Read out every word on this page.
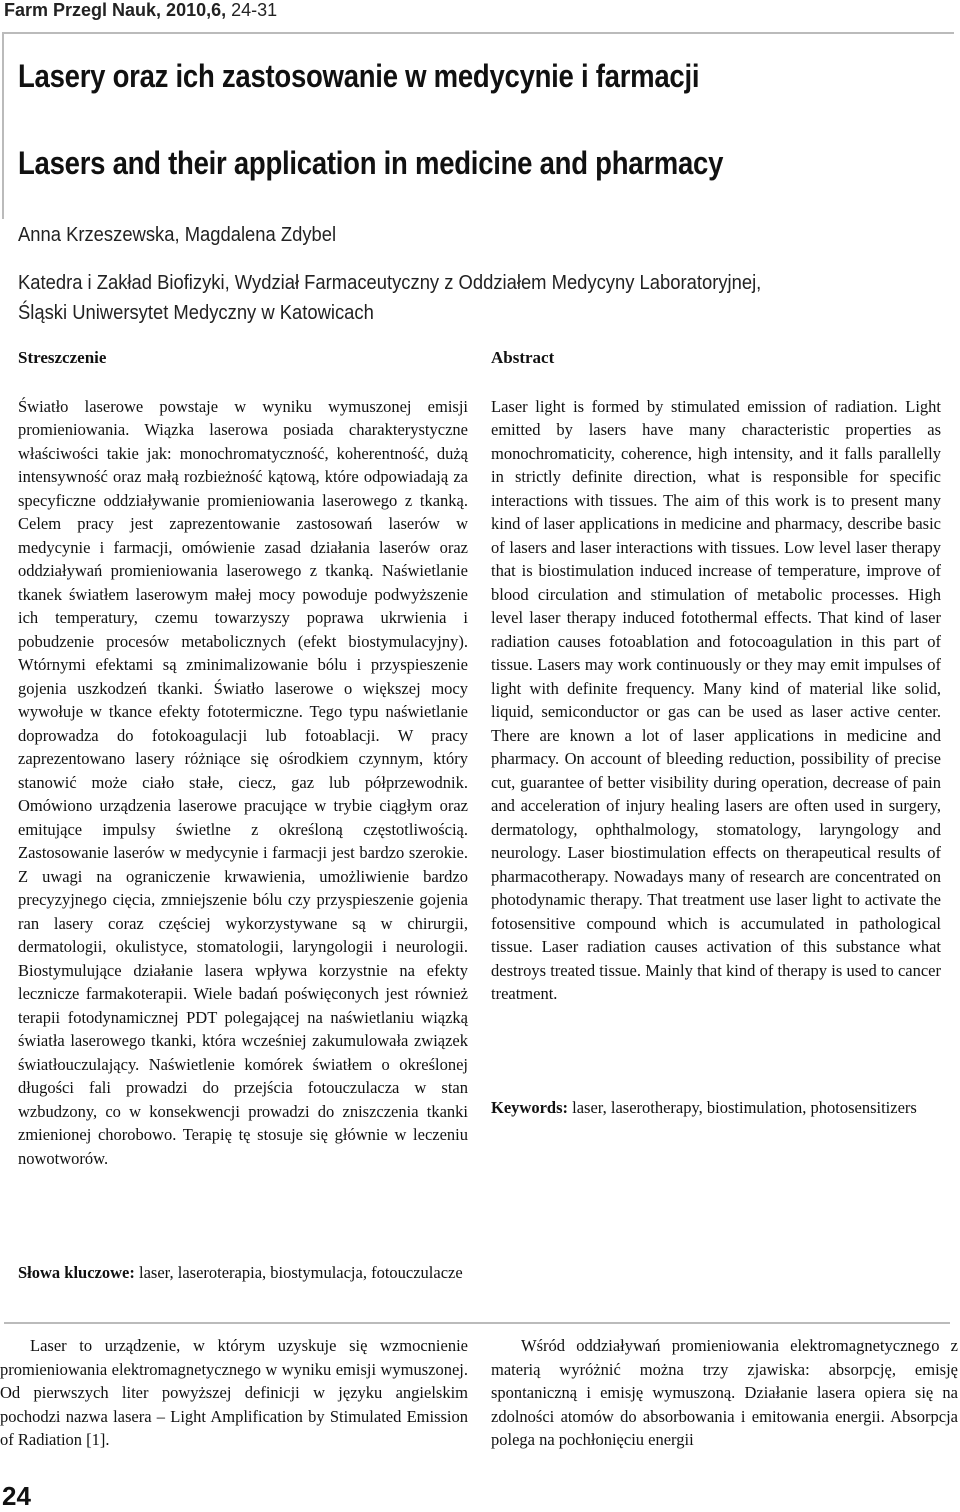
Farm Przegl Nauk, 2010,6, 24-31
Lasery oraz ich zastosowanie w medycynie i farmacji
Lasers and their application in medicine and pharmacy
Anna Krzeszewska, Magdalena Zdybel
Katedra i Zakład Biofizyki, Wydział Farmaceutyczny z Oddziałem Medycyny Laboratoryjnej,
Śląski Uniwersytet Medyczny w Katowicach
Streszczenie

Światło laserowe powstaje w wyniku wymuszonej emisji promieniowania. Wiązka laserowa posiada charakterystyczne właściwości takie jak: monochromatyczność, koherentność, dużą intensywność oraz małą rozbieżność kątową, które odpowiadają za specyficzne oddziaływanie promieniowania laserowego z tkanką. Celem pracy jest zaprezentowanie zastosowań laserów w medycynie i farmacji, omówienie zasad działania laserów oraz oddziaływań promieniowania laserowego z tkanką. Naświetlanie tkanek światłem laserowym małej mocy powoduje podwyższenie ich temperatury, czemu towarzyszy poprawa ukrwienia i pobudzenie procesów metabolicznych (efekt biostymulacyjny). Wtórnymi efektami są zminimalizowanie bólu i przyspieszenie gojenia uszkodzeń tkanki. Światło laserowe o większej mocy wywołuje w tkance efekty fototermiczne. Tego typu naświetlanie doprowadza do fotokoagulacji lub fotoablacji. W pracy zaprezentowano lasery różniące się ośrodkiem czynnym, który stanowić może ciało stałe, ciecz, gaz lub półprzewodnik. Omówiono urządzenia laserowe pracujące w trybie ciągłym oraz emitujące impulsy świetlne z określoną częstotliwością. Zastosowanie laserów w medycynie i farmacji jest bardzo szerokie. Z uwagi na ograniczenie krwawienia, umożliwienie bardzo precyzyjnego cięcia, zmniejszenie bólu czy przyspieszenie gojenia ran lasery coraz częściej wykorzystywane są w chirurgii, dermatologii, okulistyce, stomatologii, laryngologii i neurologii. Biostymulujące działanie lasera wpływa korzystnie na efekty lecznicze farmakoterapii. Wiele badań poświęconych jest również terapii fotodynamicznej PDT polegającej na naświetlaniu wiązką światła laserowego tkanki, która wcześniej zakumulowała związek światłouczulający. Naświetlenie komórek światłem o określonej długości fali prowadzi do przejścia fotouczulacza w stan wzbudzony, co w konsekwencji prowadzi do zniszczenia tkanki zmienionej chorobowo. Terapię tę stosuje się głównie w leczeniu nowotworów.

Abstract

Laser light is formed by stimulated emission of radiation. Light emitted by lasers have many characteristic properties as monochromaticity, coherence, high intensity, and it falls parallelly in strictly definite direction, what is responsible for specific interactions with tissues. The aim of this work is to present many kind of laser applications in medicine and pharmacy, describe basic of lasers and laser interactions with tissues. Low level laser therapy that is biostimulation induced increase of temperature, improve of blood circulation and stimulation of metabolic processes. High level laser therapy induced fotothermal effects. That kind of laser radiation causes fotoablation and fotocoagulation in this part of tissue. Lasers may work continuously or they may emit impulses of light with definite frequency. Many kind of material like solid, liquid, semiconductor or gas can be used as laser active center. There are known a lot of laser applications in medicine and pharmacy. On account of bleeding reduction, possibility of precise cut, guarantee of better visibility during operation, decrease of pain and acceleration of injury healing lasers are often used in surgery, dermatology, ophthalmology, stomatology, laryngology and neurology. Laser biostimulation effects on therapeutical results of pharmacotherapy. Nowadays many of research are concentrated on photodynamic therapy. That treatment use laser light to activate the fotosensitive compound which is accumulated in pathological tissue. Laser radiation causes activation of this substance what destroys treated tissue. Mainly that kind of therapy is used to cancer treatment.

Keywords: laser, laserotherapy, biostimulation, photosensitizers
Słowa kluczowe: laser, laseroterapia, biostymulacja, fotouczulacze
Laser to urządzenie, w którym uzyskuje się wzmocnienie promieniowania elektromagnetycznego w wyniku emisji wymuszonej. Od pierwszych liter powyższej definicji w języku angielskim pochodzi nazwa lasera – Light Amplification by Stimulated Emission of Radiation [1].
Wśród oddziaływań promieniowania elektromagnetycznego z materią wyróżnić można trzy zjawiska: absorpcję, emisję spontaniczną i emisję wymuszoną. Działanie lasera opiera się na zdolności atomów do absorbowania i emitowania energii. Absorpcja polega na pochłonięciu energii
24
